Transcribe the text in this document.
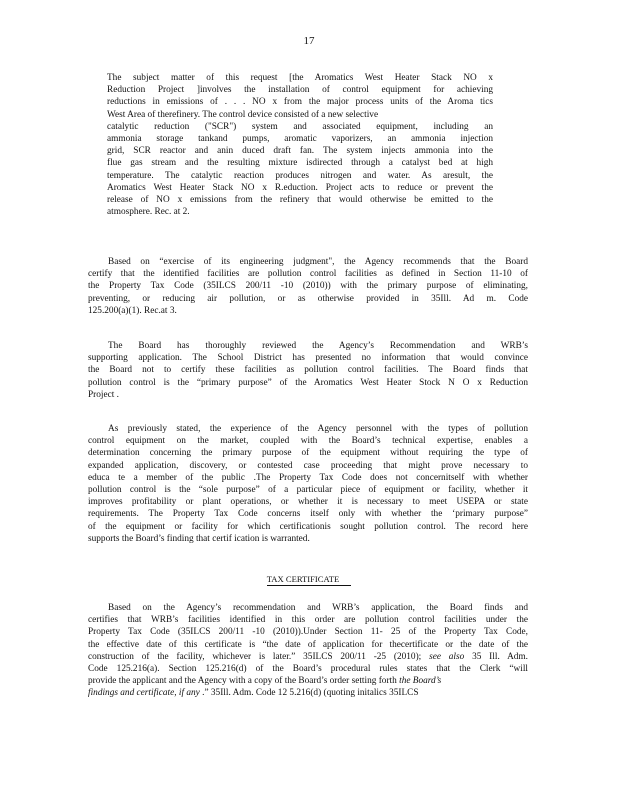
17
The subject matter of this request [the Aromatics West Heater Stack NO x
Reduction Project ]involves the installation of control equipment for achieving
reductions in emissions of . . . NO x from the major process units of the Aroma tics
West Area of therefinery. The control device consisted of a new selective
catalytic reduction ("SCR") system and associated equipment, including an
ammonia storage tankand pumps, aromatic vaporizers, an ammonia injection
grid, SCR reactor and anin duced draft fan. The system injects ammonia into the
flue gas stream and the resulting mixture isdirected through a catalyst bed at high
temperature. The catalytic reaction produces nitrogen and water. As aresult, the
Aromatics West Heater Stack NO x R.eduction. Project acts to reduce or prevent the
release of NO x emissions from the refinery that would otherwise be emitted to the
atmosphere. Rec. at 2.
Based on “exercise of its engineering judgment", the Agency recommends that the Board
certify that the identified facilities are pollution control facilities as defined in Section 11-10 of
the Property Tax Code (35ILCS 200/11 -10 (2010)) with the primary purpose of eliminating,
preventing, or reducing air pollution, or as otherwise provided in 35Ill. Ad m. Code
125.200(a)(1). Rec.at 3.
The Board has thoroughly reviewed the Agency’s Recommendation and WRB’s
supporting application. The School District has presented no information that would convince
the Board not to certify these facilities as pollution control facilities. The Board finds that
pollution control is the “primary purpose” of the Aromatics West Heater Stock N O x Reduction
Project .
As previously stated, the experience of the Agency personnel with the types of pollution
control equipment on the market, coupled with the Board’s technical expertise, enables a
determination concerning the primary purpose of the equipment without requiring the type of
expanded application, discovery, or contested case proceeding that might prove necessary to
educa te a member of the public .The Property Tax Code does not concernitself with whether
pollution control is the “sole purpose” of a particular piece of equipment or facility, whether it
improves profitability or plant operations, or whether it is necessary to meet USEPA or state
requirements. The Property Tax Code concerns itself only with whether the ‘primary purpose”
of the equipment or facility for which certificationis sought pollution control. The record here
supports the Board’s finding that certif ication is warranted.
TAX CERTIFICATE
Based on the Agency’s recommendation and WRB’s application, the Board finds and
certifies that WRB’s facilities identified in this order are pollution control facilities under the
Property Tax Code (35ILCS 200/11 -10 (2010)).Under Section 11- 25 of the Property Tax Code,
the effective date of this certificate is “the date of application for thecertificate or the date of the
construction of the facility, whichever is later.” 35ILCS 200/11 -25 (2010); see also 35 Ill. Adm.
Code 125.216(a). Section 125.216(d) of the Board’s procedural rules states that the Clerk “will
provide the applicant and the Agency with a copy of the Board’s order setting forth the Board’s
findings and certificate, if any .” 35Ill. Adm. Code 12 5.216(d) (quoting initalics 35ILCS
